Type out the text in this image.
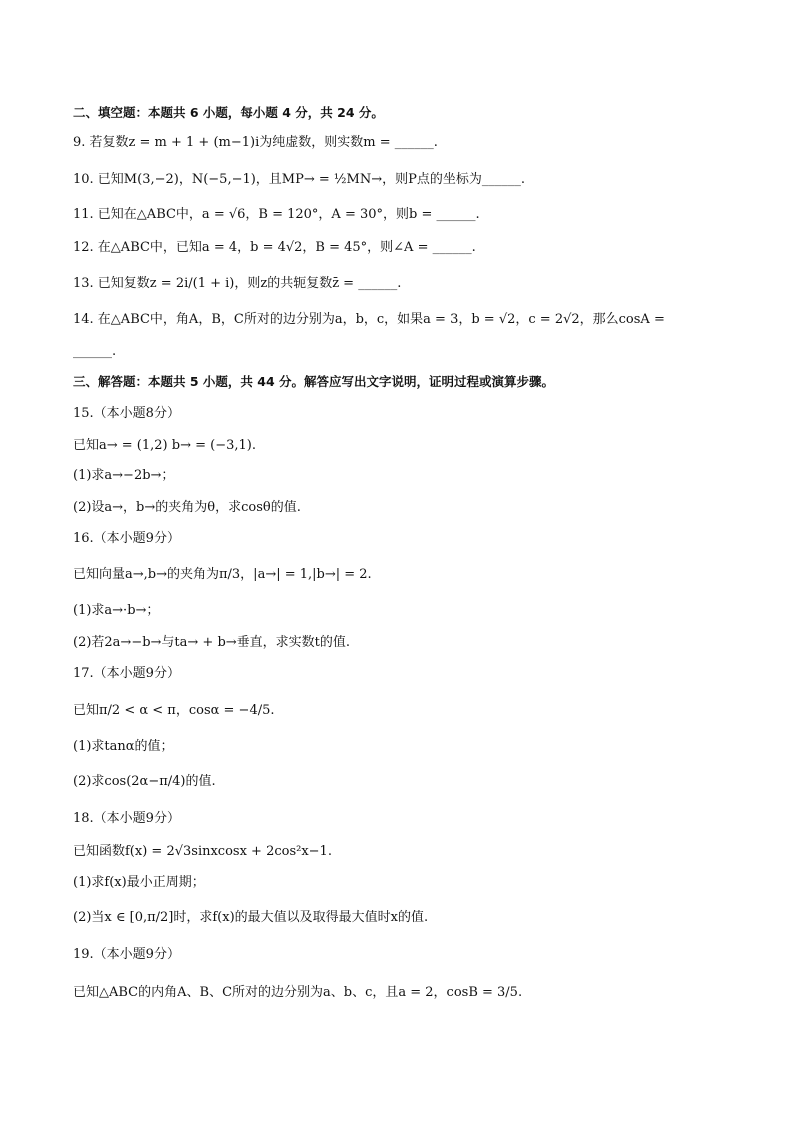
二、填空题：本题共 6 小题，每小题 4 分，共 24 分。
9. 若复数z = m + 1 + (m−1)i为纯虚数，则实数m = ______.
10. 已知M(3,−2)，N(−5,−1)，且MP→ = ½MN→，则P点的坐标为______.
11. 已知在△ABC中，a = √6，B = 120°，A = 30°，则b = ______.
12. 在△ABC中，已知a = 4，b = 4√2，B = 45°，则∠A = ______.
13. 已知复数z = 2i/(1 + i)，则z的共轭复数z̄ = ______.
14. 在△ABC中，角A，B，C所对的边分别为a，b，c，如果a = 3，b = √2，c = 2√2，那么cosA =
______.
三、解答题：本题共 5 小题，共 44 分。解答应写出文字说明，证明过程或演算步骤。
15.（本小题8分）
已知a→ = (1,2) b→ = (−3,1).
(1)求a→−2b→；
(2)设a→，b→的夹角为θ，求cosθ的值.
16.（本小题9分）
已知向量a→,b→的夹角为π/3，|a→| = 1,|b→| = 2.
(1)求a→·b→；
(2)若2a→−b→与ta→ + b→垂直，求实数t的值.
17.（本小题9分）
已知π/2 < α < π，cosα = −4/5.
(1)求tanα的值；
(2)求cos(2α−π/4)的值.
18.（本小题9分）
已知函数f(x) = 2√3sinxcosx + 2cos²x−1.
(1)求f(x)最小正周期；
(2)当x ∈ [0,π/2]时，求f(x)的最大值以及取得最大值时x的值.
19.（本小题9分）
已知△ABC的内角A、B、C所对的边分别为a、b、c，且a = 2，cosB = 3/5.
